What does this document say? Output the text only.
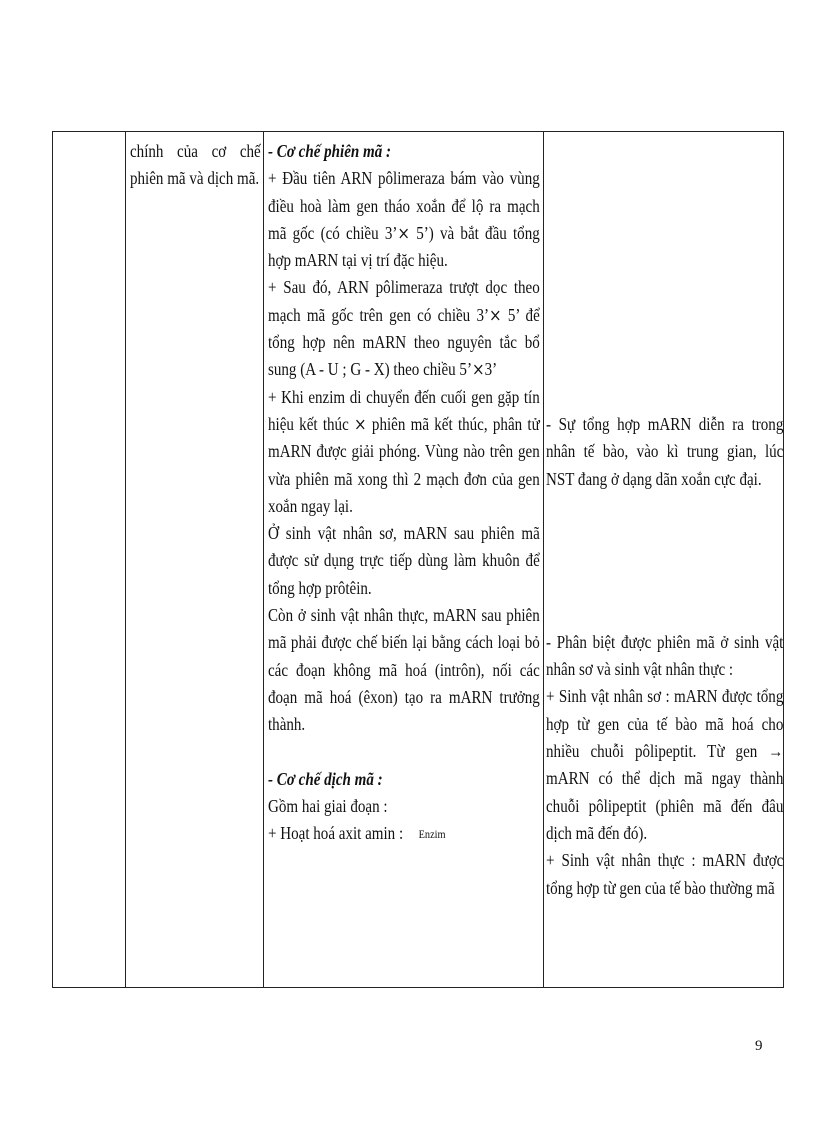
chính của cơ chế

phiên mã và dịch mã.

- Cơ chế phiên mã :

+ Đầu tiên ARN pôlimeraza bám vào vùng điều hoà làm gen tháo xoắn để lộ ra mạch mã gốc (có chiều 3’⨯ 5’) và bắt đầu tổng hợp mARN tại vị trí đặc hiệu.

+ Sau đó, ARN pôlimeraza trượt dọc theo mạch mã gốc trên gen có chiều 3’⨯ 5’ để tổng hợp nên mARN theo nguyên tắc bổ sung (A - U ; G - X) theo chiều 5’⨯3’

+ Khi enzim di chuyển đến cuối gen gặp tín hiệu kết thúc ⨯ phiên mã kết thúc, phân tử mARN được giải phóng. Vùng nào trên gen vừa phiên mã xong thì 2 mạch đơn của gen xoắn ngay lại.

Ở sinh vật nhân sơ, mARN sau phiên mã được sử dụng trực tiếp dùng làm khuôn để tổng hợp prôtêin.

Còn ở sinh vật nhân thực, mARN sau phiên mã phải được chế biến lại bằng cách loại bỏ các đoạn không mã hoá (intrôn), nối các đoạn mã hoá (êxon) tạo ra mARN trưởng thành.

- Cơ chế dịch mã :

Gồm hai giai đoạn :

+ Hoạt hoá axit amin : Enzim

- Sự tổng hợp mARN diễn ra trong nhân tế bào, vào kì trung gian, lúc NST đang ở dạng dãn xoắn cực đại.

- Phân biệt được phiên mã ở sinh vật nhân sơ và sinh vật nhân thực :

+ Sinh vật nhân sơ : mARN được tổng hợp từ gen của tế bào mã hoá cho nhiều chuỗi pôlipeptit. Từ gen → mARN có thể dịch mã ngay thành chuỗi pôlipeptit (phiên mã đến đâu dịch mã đến đó).

+ Sinh vật nhân thực : mARN được tổng hợp từ gen của tế bào thường mã

9
